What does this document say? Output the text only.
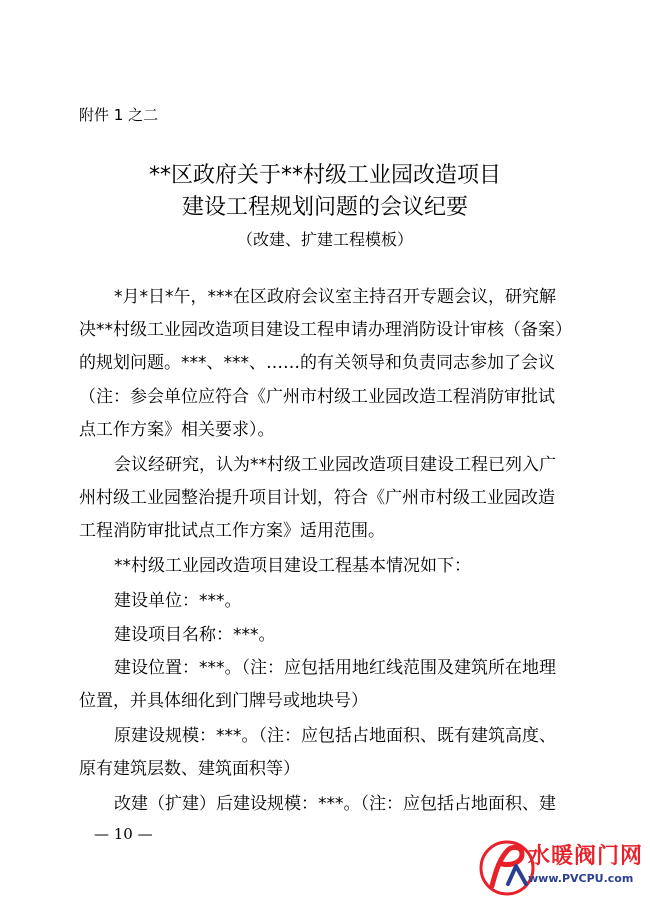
附件 1 之二
**区政府关于**村级工业园改造项目
建设工程规划问题的会议纪要
（改建、扩建工程模板）
*月*日*午，***在区政府会议室主持召开专题会议，研究解
决**村级工业园改造项目建设工程申请办理消防设计审核（备案）
的规划问题。***、***、……的有关领导和负责同志参加了会议
（注：参会单位应符合《广州市村级工业园改造工程消防审批试
点工作方案》相关要求）。
会议经研究，认为**村级工业园改造项目建设工程已列入广
州村级工业园整治提升项目计划，符合《广州市村级工业园改造
工程消防审批试点工作方案》适用范围。
**村级工业园改造项目建设工程基本情况如下：
建设单位：***。
建设项目名称：***。
建设位置：***。（注：应包括用地红线范围及建筑所在地理
位置，并具体细化到门牌号或地块号）
原建设规模：***。（注：应包括占地面积、既有建筑高度、
原有建筑层数、建筑面积等）
改建（扩建）后建设规模：***。（注：应包括占地面积、建
— 10 —
水暖阀门网
www.PVCPU.com
